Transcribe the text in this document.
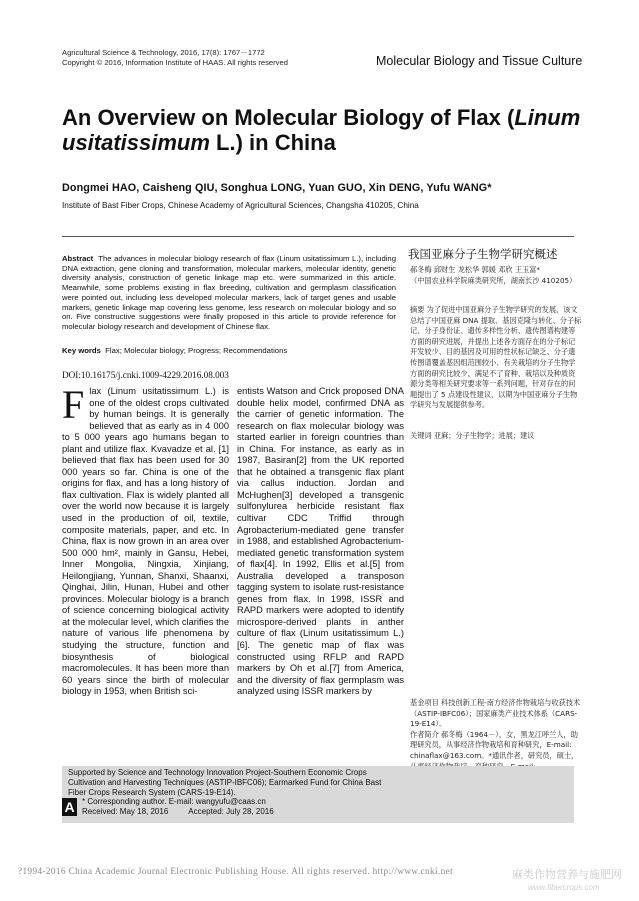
Agricultural Science & Technology, 2016, 17(8): 1767－1772
Copyright © 2016, Information Institute of HAAS. All rights reserved	Molecular Biology and Tissue Culture
An Overview on Molecular Biology of Flax (Linum usitatissimum L.) in China
Dongmei HAO, Caisheng QIU, Songhua LONG, Yuan GUO, Xin DENG, Yufu WANG*
Institute of Bast Fiber Crops, Chinese Academy of Agricultural Sciences, Changsha 410205, China
Abstract The advances in molecular biology research of flax (Linum usitatissimum L.), including DNA extraction, gene cloning and transformation, molecular markers, molecular identity, genetic diversity analysis, construction of genetic linkage map etc. were summarized in this article. Meanwhile, some problems existing in flax breeding, cultivation and germplasm classification were pointed out, including less developed molecular markers, lack of target genes and usable markers, genetic linkage map covering less genome, less research on molecular biology and so on. Five constructive suggestions were finally proposed in this article to provide reference for molecular biology research and development of Chinese flax.
Key words Flax; Molecular biology; Progress; Recommendations
DOI:10.16175/j.cnki.1009-4229.2016.08.003
我国亚麻分子生物学研究概述
郝冬梅 邱财生 龙松华 郭媛 邓欣 王玉富*
（中国农业科学院麻类研究所，湖南长沙 410205）
摘要 为了促进中国亚麻分子生物学研究的发展，该文总结了中国亚麻 DNA 提取、基因克隆与转化、分子标记、分子身份证、遗传多样性分析、遗传图谱构建等方面的研究进展，并提出上述各方面存在的分子标记开发较少、目的基因及可用的性状标记缺乏、分子遗传图谱覆盖基因组范围较小、有关栽培的分子生物学方面的研究比较少、满足不了育种、栽培以及种质资源分类等相关研究要求等一系列问题，针对存在的问题提出了 5 点建设性建议，以期为中国亚麻分子生物学研究与发展提供参考。
关键词 亚麻；分子生物学；进展；建议
Flax (Linum usitatissimum L.) is one of the oldest crops cultivated by human beings. It is generally believed that as early as in 4 000 to 5 000 years ago humans began to plant and utilize flax. Kvavadze et al. [1] believed that flax has been used for 30 000 years so far. China is one of the origins for flax, and has a long history of flax cultivation. Flax is widely planted all over the world now because it is largely used in the production of oil, textile, composite materials, paper, and etc. In China, flax is now grown in an area over 500 000 hm², mainly in Gansu, Hebei, Inner Mongolia, Ningxia, Xinjiang, Heilongjiang, Yunnan, Shanxi, Shaanxi, Qinghai, Jilin, Hunan, Hubei and other provinces. Molecular biology is a branch of science concerning biological activity at the molecular level, which clarifies the nature of various life phenomena by studying the structure, function and biosynthesis of biological macromolecules. It has been more than 60 years since the birth of molecular biology in 1953, when British sci-
entists Watson and Crick proposed DNA double helix model, confirmed DNA as the carrier of genetic information. The research on flax molecular biology was started earlier in foreign countries than in China. For instance, as early as in 1987, Basiran[2] from the UK reported that he obtained a transgenic flax plant via callus induction. Jordan and McHughen[3] developed a transgenic sulfonylurea herbicide resistant flax cultivar CDC Triffid through Agrobacterium-mediated gene transfer in 1988, and established Agrobacterium-mediated genetic transformation system of flax[4]. In 1992, Ellis et al.[5] from Australia developed a transposon tagging system to isolate rust-resistance genes from flax. In 1998, ISSR and RAPD markers were adopted to identify microspore-derived plants in anther culture of flax (Linum usitatissimum L.)[6]. The genetic map of flax was constructed using RFLP and RAPD markers by Oh et al.[7] from America, and the diversity of flax germplasm was analyzed using ISSR markers by
基金项目 科技创新工程-南方经济作物栽培与收获技术（ASTIP-IBFC06）；国家麻类产业技术体系（CARS-19-E14）。
作者简介 郝冬梅（1964－），女，黑龙江呼兰人，助理研究员，从事经济作物栽培和育种研究，E-mail: chinaflax@163.com。*通讯作者，研究员，硕士，
Supported by Science and Technology Innovation Project-Southern Economic Crops Cultivation and Harvesting Techniques (ASTIP-IBFC06); Earmarked Fund for China Bast Fiber Crops Research System (CARS-19-E14).
A * Corresponding author. E-mail: wangyufu@caas.cn
Received: May 18, 2016	Accepted: July 28, 2016
?1994-2016 China Academic Journal Electronic Publishing House. All rights reserved. http://www.cnki.net	麻类作物营养与施肥网
www.fibercrops.com
